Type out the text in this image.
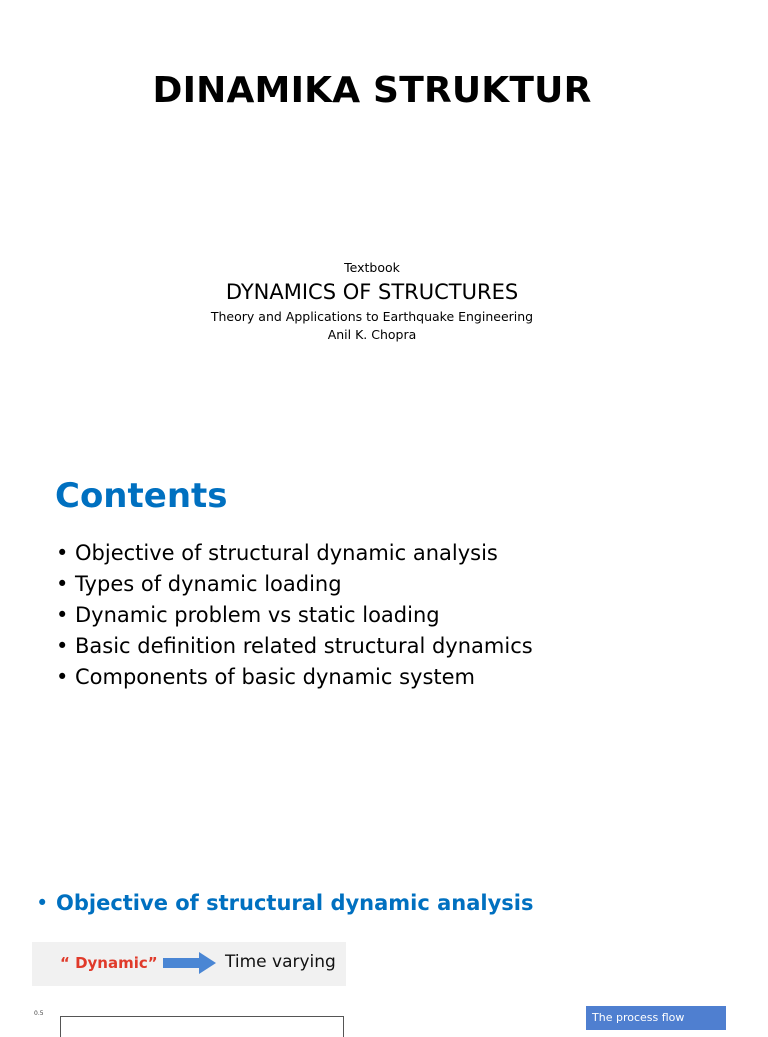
DINAMIKA STRUKTUR
Textbook
DYNAMICS OF STRUCTURES
Theory and Applications to Earthquake Engineering
Anil K. Chopra
Contents
• Objective of structural dynamic analysis
• Types of dynamic loading
• Dynamic problem vs static loading
• Basic definition related structural dynamics
• Components of basic dynamic system
• Objective of structural dynamic analysis
“ Dynamic”	Time varying
0.5	The process flow
